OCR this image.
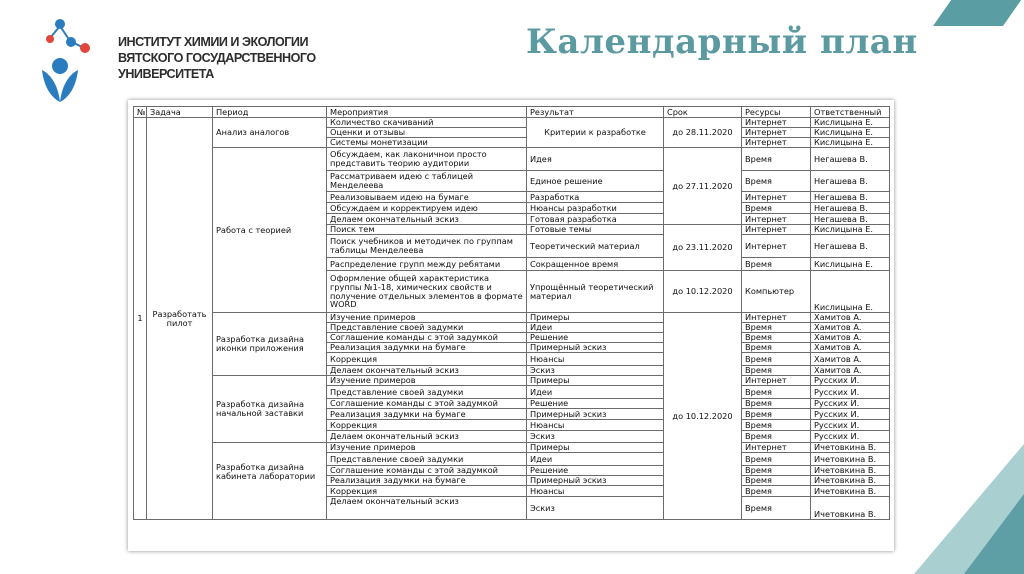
ИНСТИТУТ ХИМИИ И ЭКОЛОГИИ
ВЯТСКОГО ГОСУДАРСТВЕННОГО
УНИВЕРСИТЕТА
Календарный план
№	Задача	Период	Мероприятия	Результат	Срок	Ресурсы	Ответственный
1	Разработать пилот	Анализ аналогов	Количество скачиваний	Критерии к разработке	до 28.11.2020	Интернет	Кислицына Е.
			Оценки и отзывы			Интернет	Кислицына Е.
			Системы монетизации			Интернет	Кислицына Е.
		Работа с теорией	Обсуждаем, как лаконичнои просто представить теорию аудитории	Идея	до 27.11.2020	Время	Негашева В.
			Рассматриваем идею с таблицей Менделеева	Единое решение		Время	Негашева В.
			Реализовываем идею на бумаге	Разработка		Интернет	Негашева В.
			Обсуждаем и корректируем идею	Нюансы разработки		Время	Негашева В.
			Делаем окончательный эскиз	Готовая разработка		Интернет	Негашева В.
			Поиск тем	Готовые темы	до 23.11.2020	Интернет	Кислицына Е.
			Поиск учебников и методичек по группам таблицы Менделеева	Теоретический материал		Интернет	Негашева В.
			Распределение групп между ребятами	Сокращенное время		Время	Кислицына Е.
			Оформление общей характеристика группы №1-18, химических свойств и получение отдельных элементов в формате WORD	Упрощённый теоретический материал	до 10.12.2020	Компьютер	Кислицына Е.
		Разработка дизайна иконки приложения	Изучение примеров	Примеры	до 10.12.2020	Интернет	Хамитов А.
			Представление своей задумки	Идеи		Время	Хамитов А.
			Соглашение команды с этой задумкой	Решение		Время	Хамитов А.
			Реализация задумки на бумаге	Примерный эскиз		Время	Хамитов А.
			Коррекция	Нюансы		Время	Хамитов А.
			Делаем окончательный эскиз	Эскиз		Время	Хамитов А.
		Разработка дизайна начальной заставки	Изучение примеров	Примеры		Интернет	Русских И.
			Представление своей задумки	Идеи		Время	Русских И.
			Соглашение команды с этой задумкой	Решение		Время	Русских И.
			Реализация задумки на бумаге	Примерный эскиз		Время	Русских И.
			Коррекция	Нюансы		Время	Русских И.
			Делаем окончательный эскиз	Эскиз		Время	Русских И.
		Разработка дизайна кабинета лаборатории	Изучение примеров	Примеры		Интернет	Ичетовкина В.
			Представление своей задумки	Идеи		Время	Ичетовкина В.
			Соглашение команды с этой задумкой	Решение		Время	Ичетовкина В.
			Реализация задумки на бумаге	Примерный эскиз		Время	Ичетовкина В.
			Коррекция	Нюансы		Время	Ичетовкина В.
			Делаем окончательный эскиз	Эскиз		Время	Ичетовкина В.
